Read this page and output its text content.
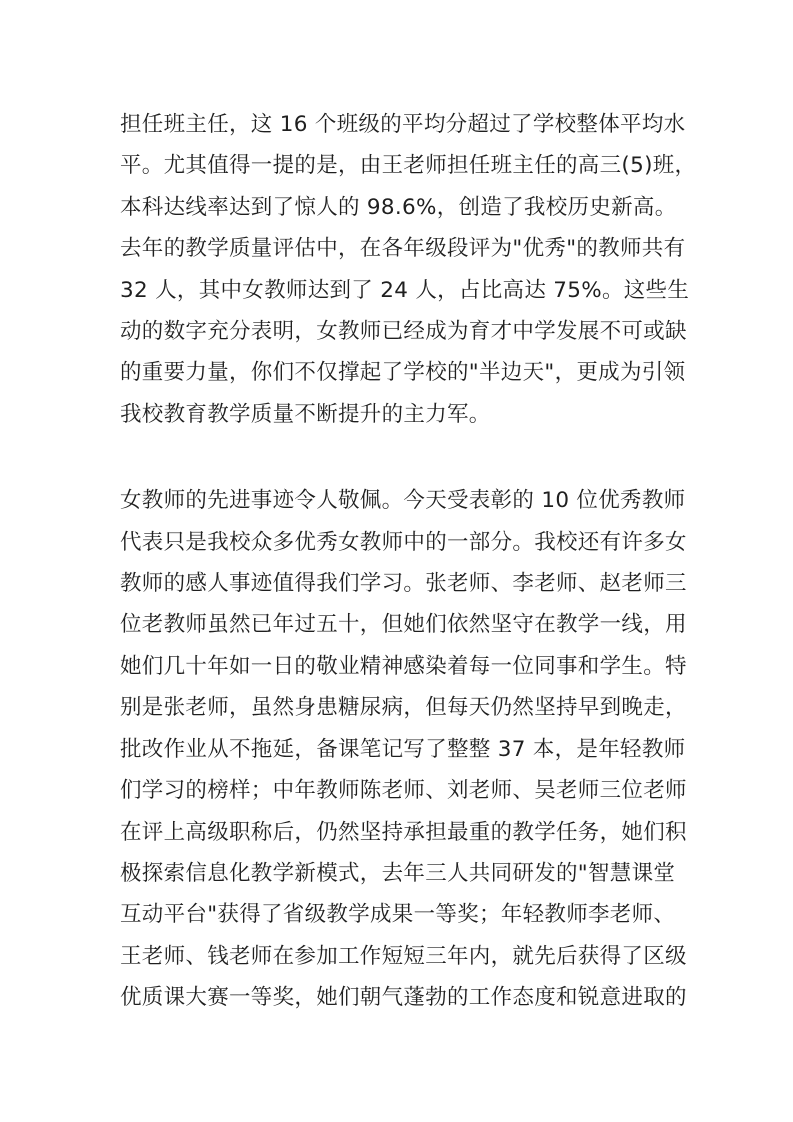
担任班主任，这 16 个班级的平均分超过了学校整体平均水
平。尤其值得一提的是，由王老师担任班主任的高三(5)班，
本科达线率达到了惊人的 98.6%，创造了我校历史新高。
去年的教学质量评估中，在各年级段评为"优秀"的教师共有
32 人，其中女教师达到了 24 人，占比高达 75%。这些生
动的数字充分表明，女教师已经成为育才中学发展不可或缺
的重要力量，你们不仅撑起了学校的"半边天"，更成为引领
我校教育教学质量不断提升的主力军。
女教师的先进事迹令人敬佩。今天受表彰的 10 位优秀教师
代表只是我校众多优秀女教师中的一部分。我校还有许多女
教师的感人事迹值得我们学习。张老师、李老师、赵老师三
位老教师虽然已年过五十，但她们依然坚守在教学一线，用
她们几十年如一日的敬业精神感染着每一位同事和学生。特
别是张老师，虽然身患糖尿病，但每天仍然坚持早到晚走，
批改作业从不拖延，备课笔记写了整整 37 本，是年轻教师
们学习的榜样；中年教师陈老师、刘老师、吴老师三位老师
在评上高级职称后，仍然坚持承担最重的教学任务，她们积
极探索信息化教学新模式，去年三人共同研发的"智慧课堂
互动平台"获得了省级教学成果一等奖；年轻教师李老师、
王老师、钱老师在参加工作短短三年内，就先后获得了区级
优质课大赛一等奖，她们朝气蓬勃的工作态度和锐意进取的
